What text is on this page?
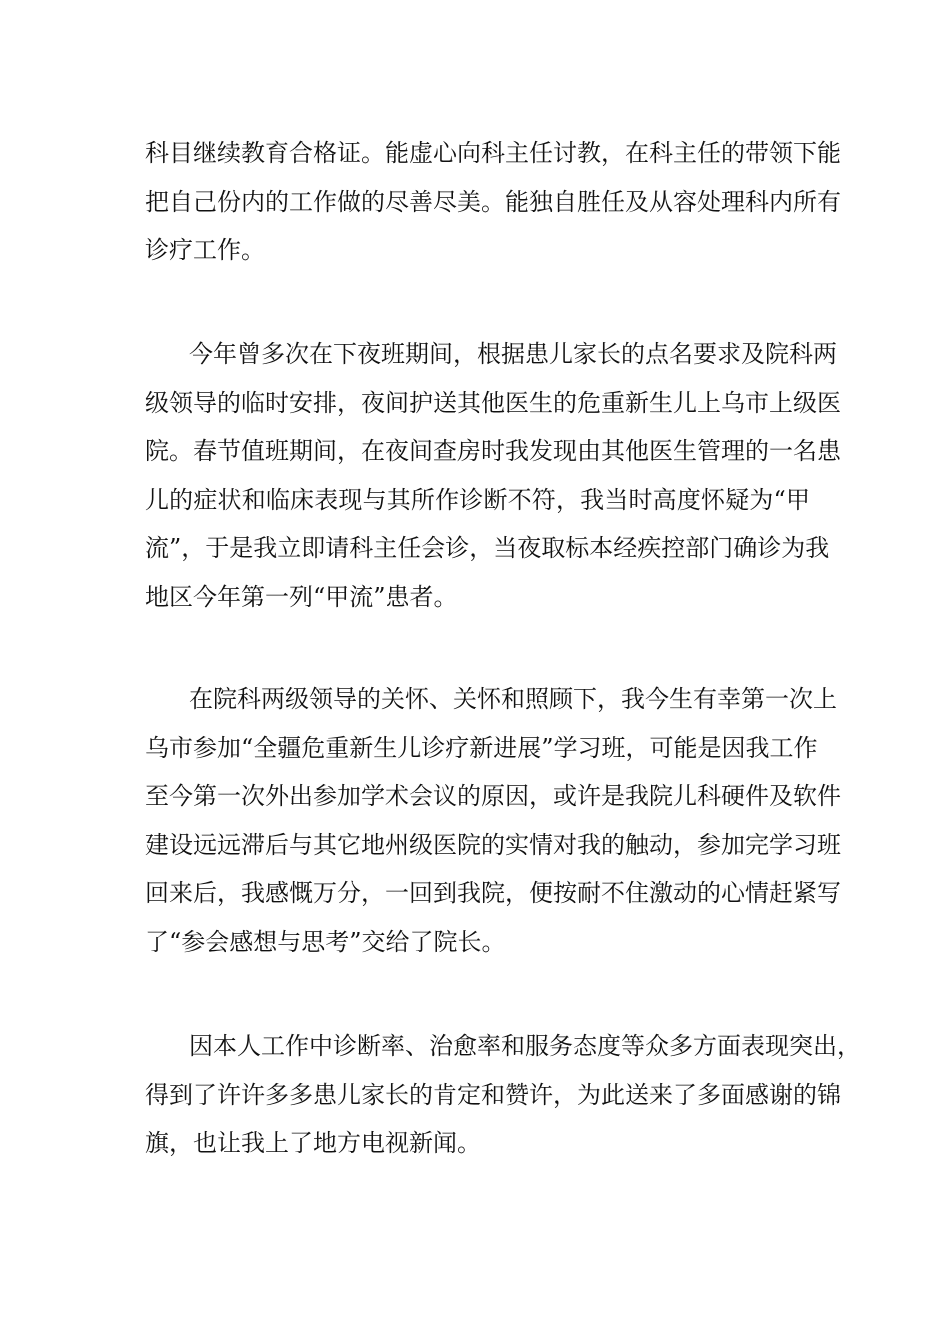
科目继续教育合格证。能虚心向科主任讨教，在科主任的带领下能
把自己份内的工作做的尽善尽美。能独自胜任及从容处理科内所有
诊疗工作。
今年曾多次在下夜班期间，根据患儿家长的点名要求及院科两
级领导的临时安排，夜间护送其他医生的危重新生儿上乌市上级医
院。春节值班期间，在夜间查房时我发现由其他医生管理的一名患
儿的症状和临床表现与其所作诊断不符，我当时高度怀疑为“甲
流”，于是我立即请科主任会诊，当夜取标本经疾控部门确诊为我
地区今年第一列“甲流”患者。
在院科两级领导的关怀、关怀和照顾下，我今生有幸第一次上
乌市参加“全疆危重新生儿诊疗新进展”学习班，可能是因我工作
至今第一次外出参加学术会议的原因，或许是我院儿科硬件及软件
建设远远滞后与其它地州级医院的实情对我的触动，参加完学习班
回来后，我感慨万分，一回到我院，便按耐不住激动的心情赶紧写
了“参会感想与思考”交给了院长。
因本人工作中诊断率、治愈率和服务态度等众多方面表现突出，
得到了许许多多患儿家长的肯定和赞许，为此送来了多面感谢的锦
旗，也让我上了地方电视新闻。
